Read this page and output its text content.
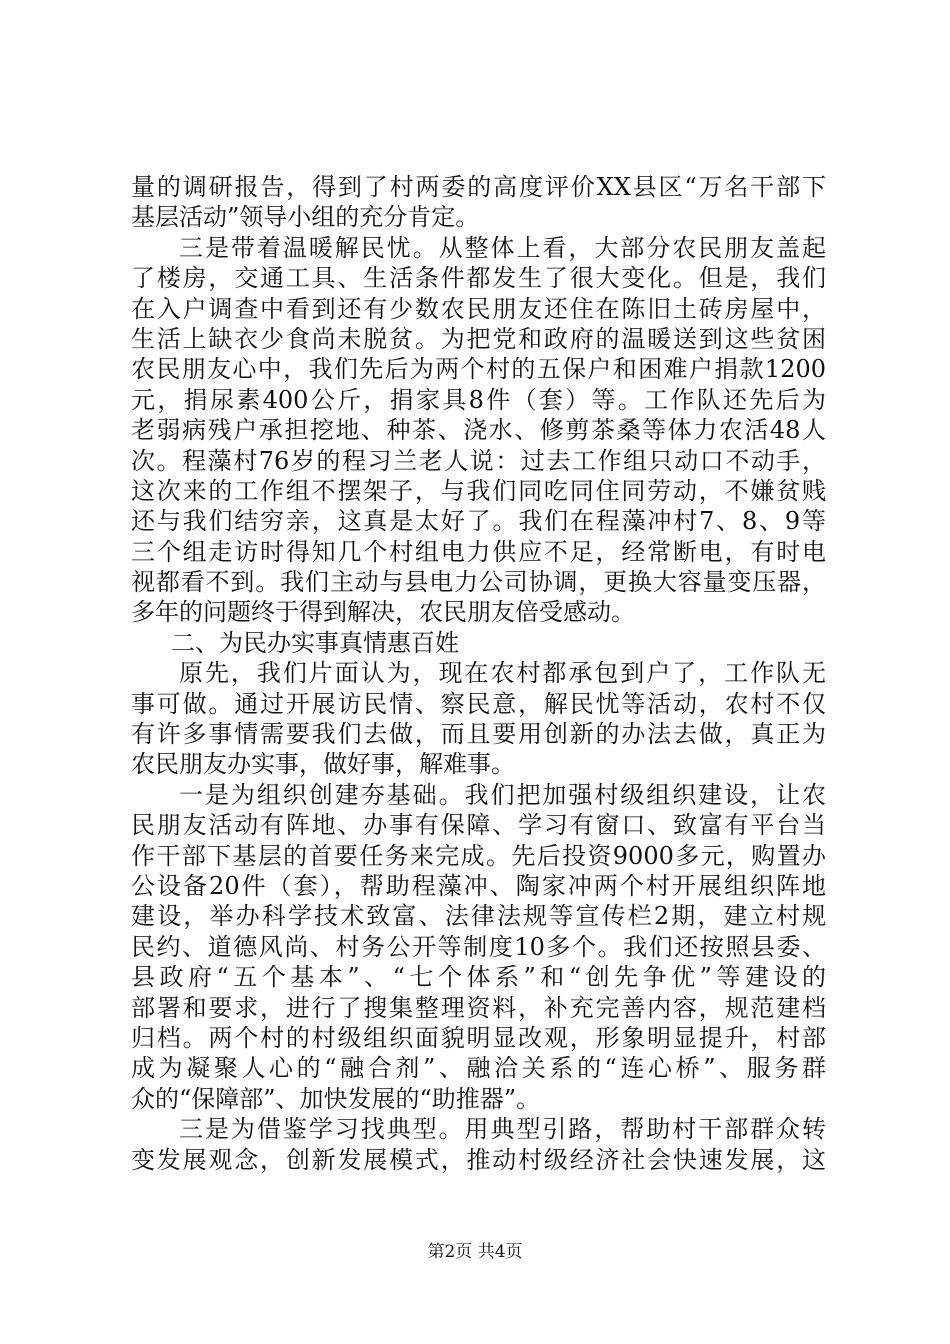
量的调研报告，得到了村两委的高度评价XX县区“万名干部下
基层活动”领导小组的充分肯定。
三是带着温暖解民忧。从整体上看，大部分农民朋友盖起
了楼房，交通工具、生活条件都发生了很大变化。但是，我们
在入户调查中看到还有少数农民朋友还住在陈旧土砖房屋中，
生活上缺衣少食尚未脱贫。为把党和政府的温暖送到这些贫困
农民朋友心中，我们先后为两个村的五保户和困难户捐款1200
元，捐尿素400公斤，捐家具8件（套）等。工作队还先后为
老弱病残户承担挖地、种茶、浇水、修剪茶桑等体力农活48人
次。程藻村76岁的程习兰老人说：过去工作组只动口不动手，
这次来的工作组不摆架子，与我们同吃同住同劳动，不嫌贫贱
还与我们结穷亲，这真是太好了。我们在程藻冲村7、8、9等
三个组走访时得知几个村组电力供应不足，经常断电，有时电
视都看不到。我们主动与县电力公司协调，更换大容量变压器，
多年的问题终于得到解决，农民朋友倍受感动。
二、为民办实事真情惠百姓
原先，我们片面认为，现在农村都承包到户了，工作队无
事可做。通过开展访民情、察民意，解民忧等活动，农村不仅
有许多事情需要我们去做，而且要用创新的办法去做，真正为
农民朋友办实事，做好事，解难事。
一是为组织创建夯基础。我们把加强村级组织建设，让农
民朋友活动有阵地、办事有保障、学习有窗口、致富有平台当
作干部下基层的首要任务来完成。先后投资9000多元，购置办
公设备20件（套），帮助程藻冲、陶家冲两个村开展组织阵地
建设，举办科学技术致富、法律法规等宣传栏2期，建立村规
民约、道德风尚、村务公开等制度10多个。我们还按照县委、
县政府“五个基本”、“七个体系”和“创先争优”等建设的
部署和要求，进行了搜集整理资料，补充完善内容，规范建档
归档。两个村的村级组织面貌明显改观，形象明显提升，村部
成为凝聚人心的“融合剂”、融洽关系的“连心桥”、服务群
众的“保障部”、加快发展的“助推器”。
三是为借鉴学习找典型。用典型引路，帮助村干部群众转
变发展观念，创新发展模式，推动村级经济社会快速发展，这
第2页 共4页
